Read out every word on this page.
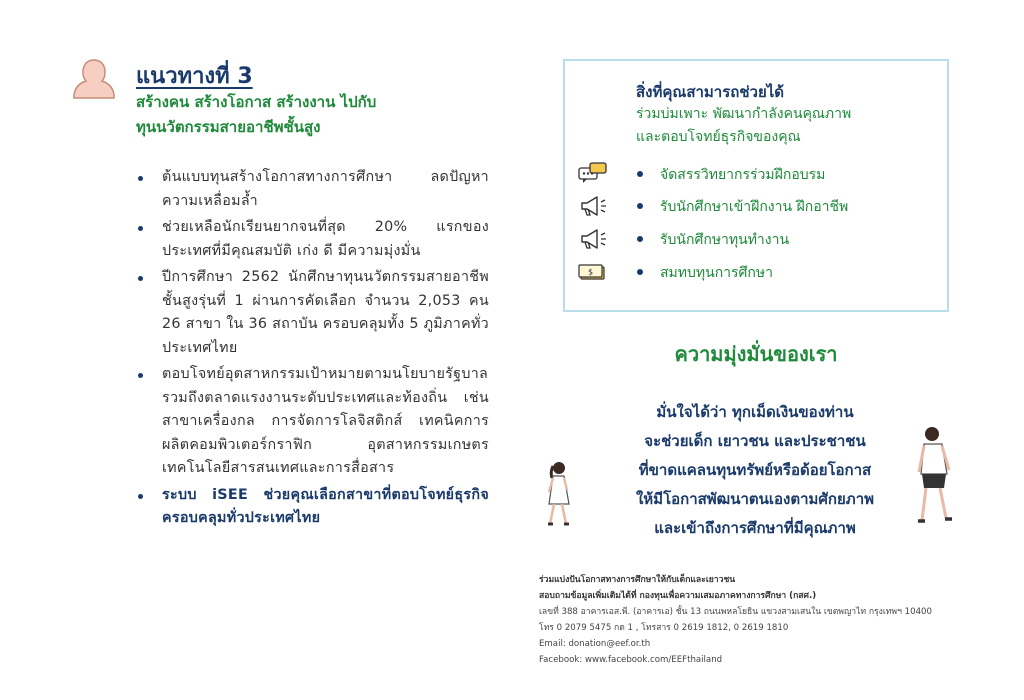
แนวทางที่ 3
สร้างคน สร้างโอกาส สร้างงาน ไปกับ
ทุนนวัตกรรมสายอาชีพชั้นสูง
ต้นแบบทุนสร้างโอกาสทางการศึกษา ลดปัญหาความเหลื่อมล้ำ
ช่วยเหลือนักเรียนยากจนที่สุด 20% แรกของประเทศที่มีคุณสมบัติ เก่ง ดี มีความมุ่งมั่น
ปีการศึกษา 2562 นักศึกษาทุนนวัตกรรมสายอาชีพชั้นสูงรุ่นที่ 1 ผ่านการคัดเลือก จำนวน 2,053 คน 26 สาขา ใน 36 สถาบัน ครอบคลุมทั้ง 5 ภูมิภาคทั่วประเทศไทย
ตอบโจทย์อุตสาหกรรมเป้าหมายตามนโยบายรัฐบาล รวมถึงตลาดแรงงานระดับประเทศและท้องถิ่น เช่น สาขาเครื่องกล การจัดการโลจิสติกส์ เทคนิคการผลิตคอมพิวเตอร์กราฟิก อุตสาหกรรมเกษตร เทคโนโลยีสารสนเทศและการสื่อสาร
ระบบ iSEE ช่วยคุณเลือกสาขาที่ตอบโจทย์ธุรกิจ ครอบคลุมทั่วประเทศไทย
สิ่งที่คุณสามารถช่วยได้
ร่วมบ่มเพาะ พัฒนากำลังคนคุณภาพ
และตอบโจทย์ธุรกิจของคุณ
จัดสรรวิทยากรร่วมฝึกอบรม
รับนักศึกษาเข้าฝึกงาน ฝึกอาชีพ
รับนักศึกษาทุนทำงาน
$	สมทบทุนการศึกษา
ความมุ่งมั่นของเรา
มั่นใจได้ว่า ทุกเม็ดเงินของท่าน
จะช่วยเด็ก เยาวชน และประชาชน
ที่ขาดแคลนทุนทรัพย์หรือด้อยโอกาส
ให้มีโอกาสพัฒนาตนเองตามศักยภาพ
และเข้าถึงการศึกษาที่มีคุณภาพ
ร่วมแบ่งปันโอกาสทางการศึกษาให้กับเด็กและเยาวชน
สอบถามข้อมูลเพิ่มเติมได้ที่ กองทุนเพื่อความเสมอภาคทางการศึกษา (กสศ.)
เลขที่ 388 อาคารเอส.พี. (อาคารเอ) ชั้น 13 ถนนพหลโยธิน แขวงสามเสนใน เขตพญาไท กรุงเทพฯ 10400
โทร 0 2079 5475 กด 1 , โทรสาร 0 2619 1812, 0 2619 1810
Email: donation@eef.or.th
Facebook: www.facebook.com/EEFthailand
